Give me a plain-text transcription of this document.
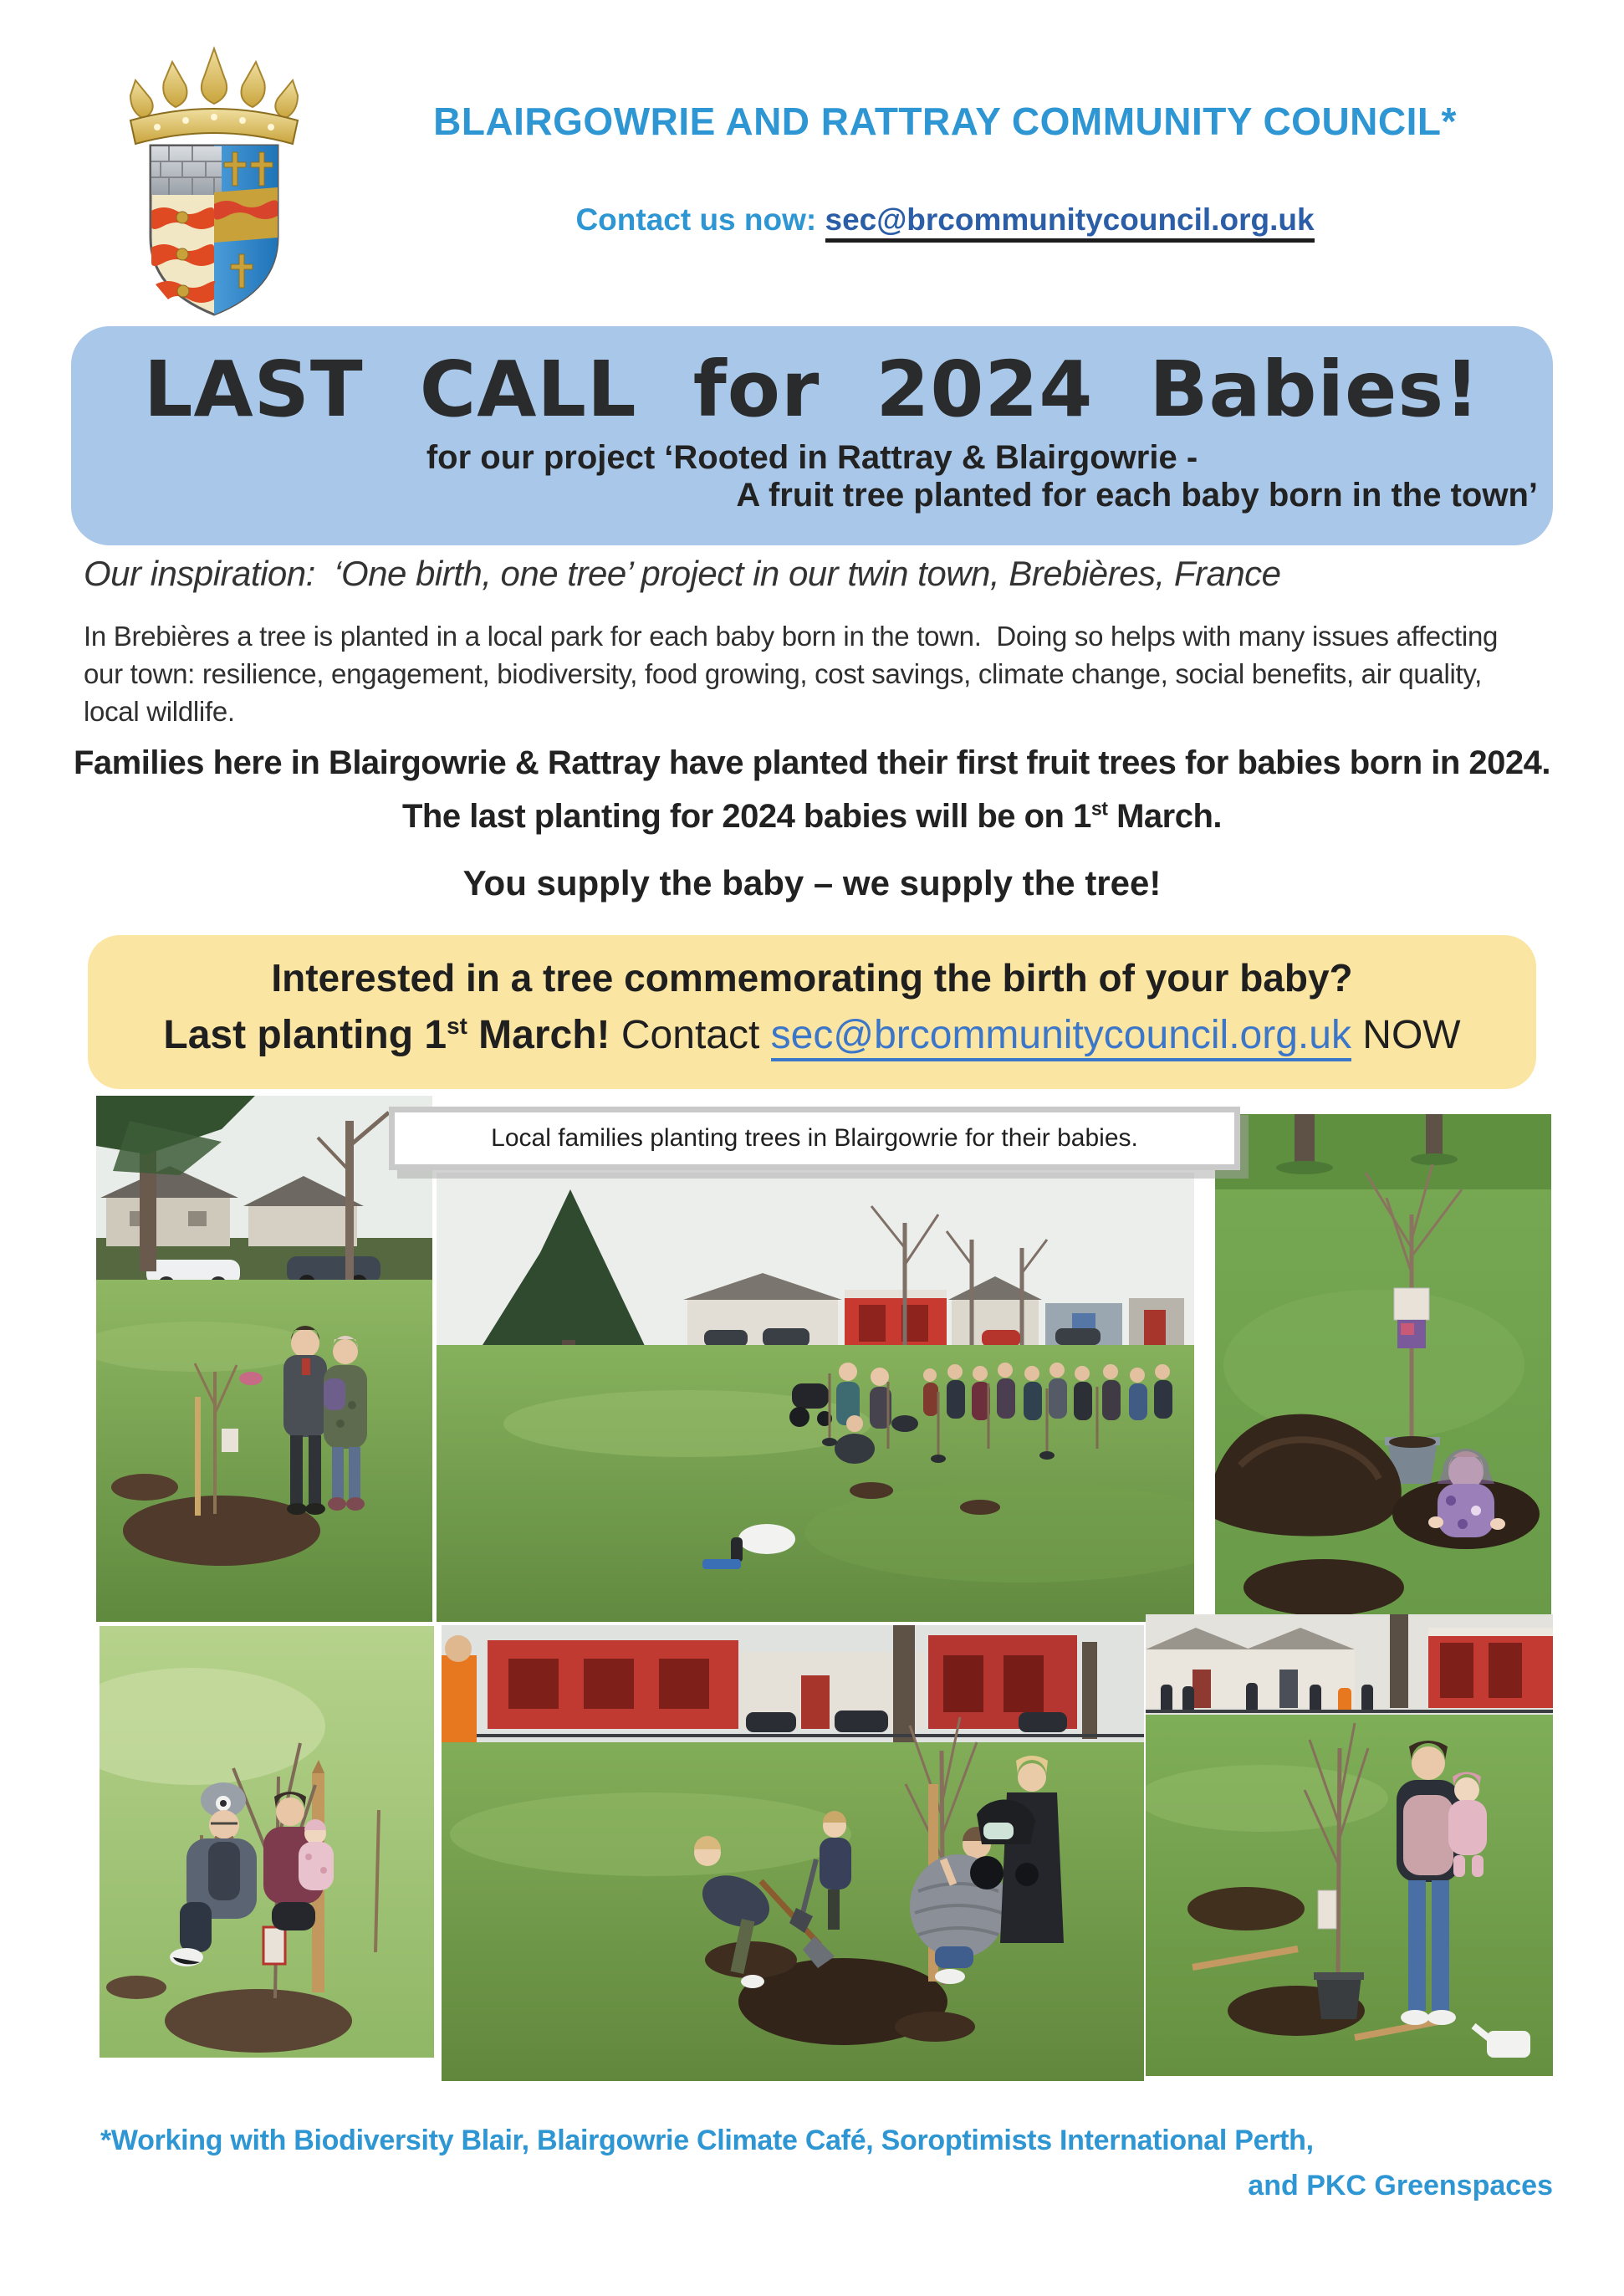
BLAIRGOWRIE AND RATTRAY COMMUNITY COUNCIL*
Contact us now: sec@brcommunitycouncil.org.uk
LAST CALL for 2024 Babies!
for our project ‘Rooted in Rattray & Blairgowrie -
A fruit tree planted for each baby born in the town’
Our inspiration:  ‘One birth, one tree’ project in our twin town, Brebières, France
In Brebières a tree is planted in a local park for each baby born in the town.  Doing so helps with many issues affecting our town: resilience, engagement, biodiversity, food growing, cost savings, climate change, social benefits, air quality, local wildlife.
Families here in Blairgowrie & Rattray have planted their first fruit trees for babies born in 2024. The last planting for 2024 babies will be on 1st March.
You supply the baby – we supply the tree!
Interested in a tree commemorating the birth of your baby?
Last planting 1st March! Contact sec@brcommunitycouncil.org.uk NOW
Local families planting trees in Blairgowrie for their babies.
*Working with Biodiversity Blair, Blairgowrie Climate Café, Soroptimists International Perth,
and PKC Greenspaces
